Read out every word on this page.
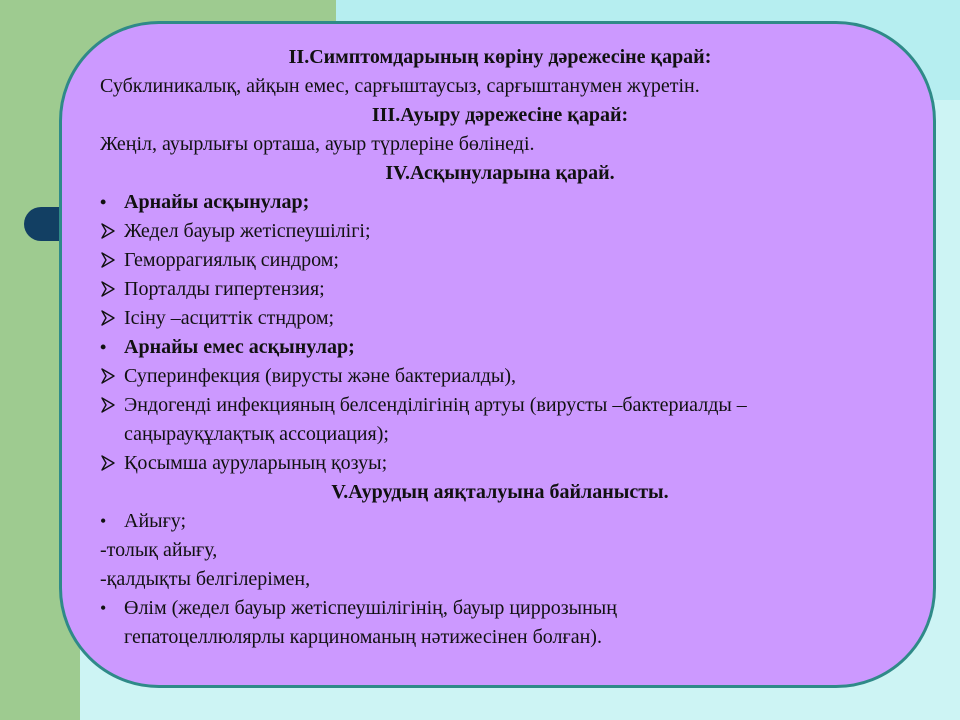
II.Симптомдарының көріну дәрежесіне қарай:
Субклиникалық, айқын емес, сарғыштаусыз, сарғыштанумен жүретін.
III.Ауыру дәрежесіне қарай:
Жеңіл, ауырлығы орташа, ауыр түрлеріне бөлінеді.
IV.Асқынуларына қарай.
• Арнайы асқынулар;
Жедел бауыр жетіспеушілігі;
Геморрагиялық синдром;
Порталды гипертензия;
Ісіну –асциттік стндром;
• Арнайы емес асқынулар;
Суперинфекция (вирусты және бактериалды),
Эндогенді инфекцияның белсенділігінің артуы (вирусты –бактериалды –
саңырауқұлақтық ассоциация);
Қосымша ауруларының қозуы;
V.Аурудың аяқталуына байланысты.
• Айығу;
-толық айығу,
-қалдықты белгілерімен,
• Өлім (жедел бауыр жетіспеушілігінің, бауыр циррозының
гепатоцеллюлярлы карциноманың нәтижесінен болған).
